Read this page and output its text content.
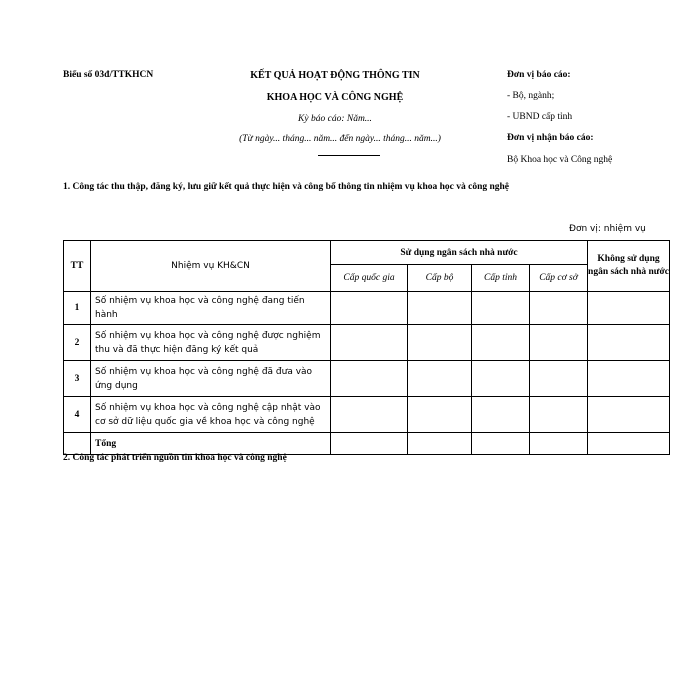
Biểu số 03đ/TTKHCN	KẾT QUẢ HOẠT ĐỘNG THÔNG TIN
KHOA HỌC VÀ CÔNG NGHỆ
Kỳ báo cáo: Năm...
(Từ ngày... tháng... năm... đến ngày... tháng... năm...)
Đơn vị báo cáo:
- Bộ, ngành;
- UBND cấp tỉnh
Đơn vị nhận báo cáo:
Bộ Khoa học và Công nghệ
1. Công tác thu thập, đăng ký, lưu giữ kết quả thực hiện và công bố thông tin nhiệm vụ khoa học và công nghệ
Đơn vị: nhiệm vụ
TT	Nhiệm vụ KH&CN	Sử dụng ngân sách nhà nước				Không sử dụng ngân sách nhà nước
		Cấp quốc gia	Cấp bộ	Cấp tỉnh	Cấp cơ sở	
1	Số nhiệm vụ khoa học và công nghệ đang tiến hành					
2	Số nhiệm vụ khoa học và công nghệ được nghiệm thu và đã thực hiện đăng ký kết quả					
3	Số nhiệm vụ khoa học và công nghệ đã đưa vào ứng dụng					
4	Số nhiệm vụ khoa học và công nghệ cập nhật vào cơ sở dữ liệu quốc gia về khoa học và công nghệ					
	Tổng					
2. Công tác phát triển nguồn tin khoa học và công nghệ
